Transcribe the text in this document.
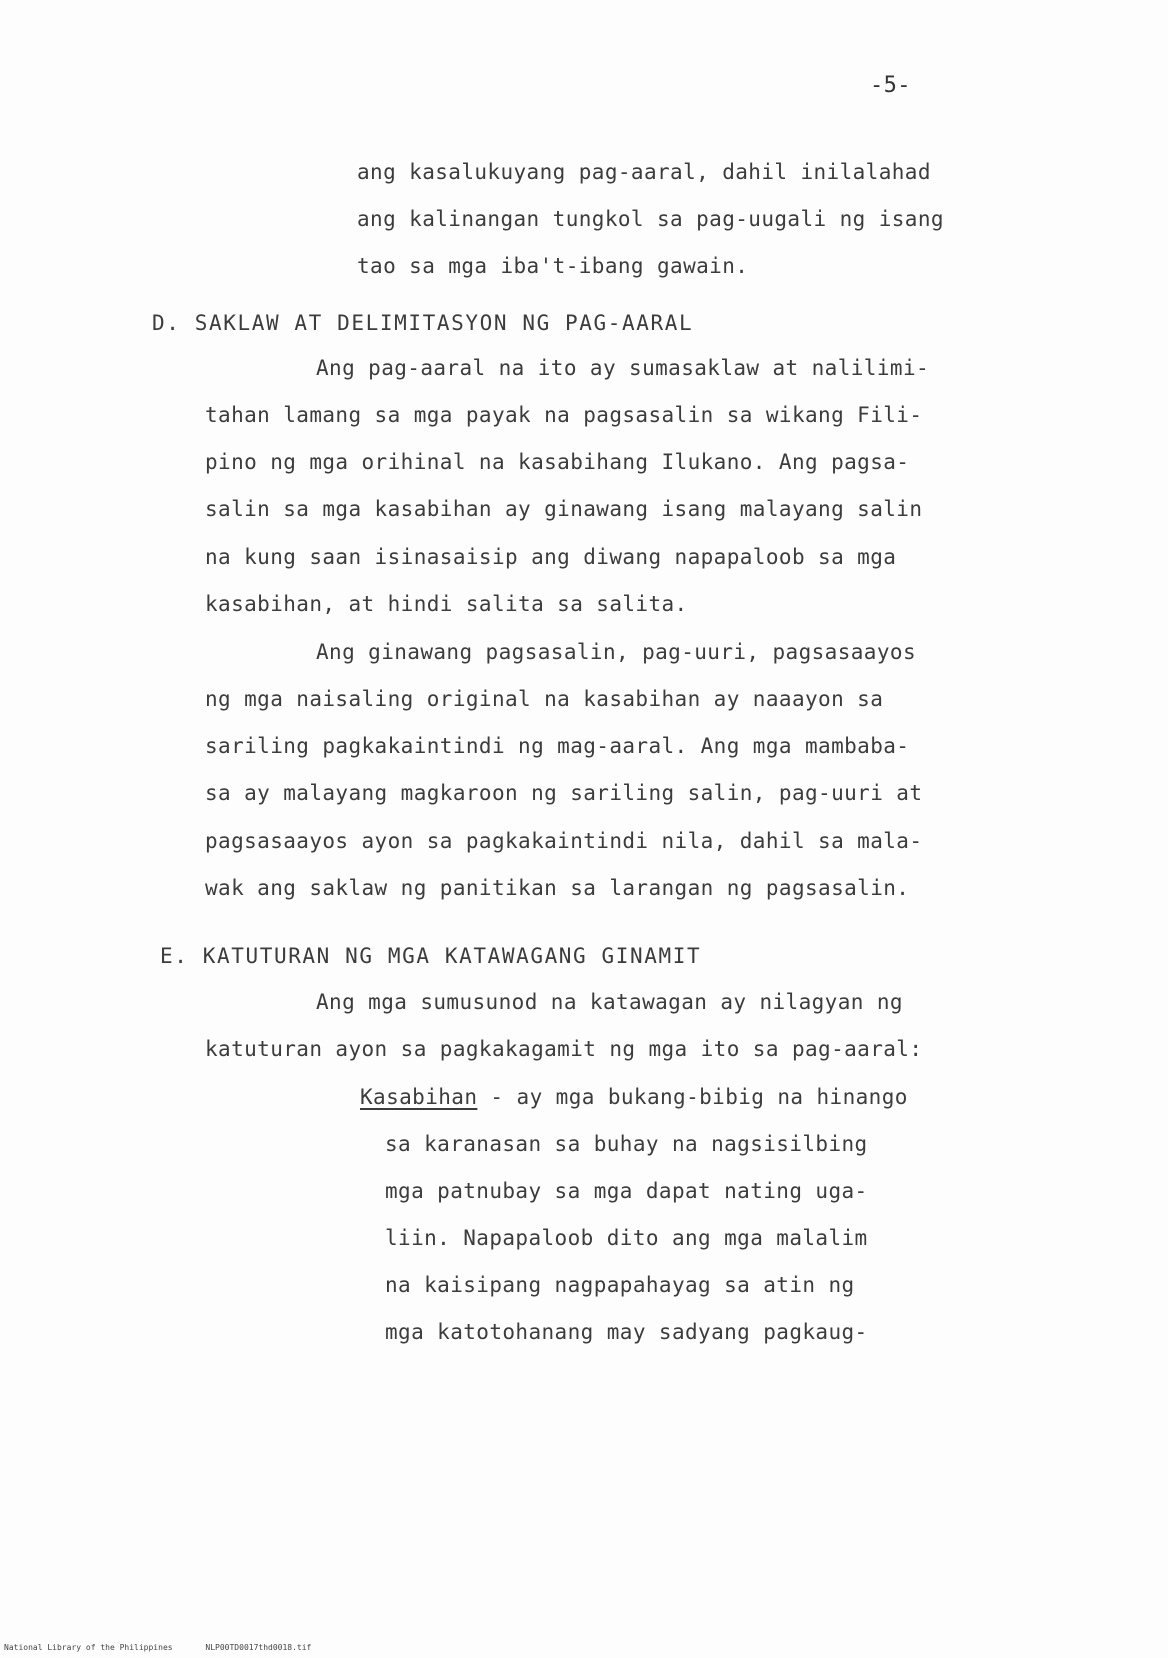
-5-
ang kasalukuyang pag-aaral, dahil inilalahad
ang kalinangan tungkol sa pag-uugali ng isang
tao sa mga iba't-ibang gawain.
D. SAKLAW AT DELIMITASYON NG PAG-AARAL
Ang pag-aaral na ito ay sumasaklaw at nalilimi-
tahan lamang sa mga payak na pagsasalin sa wikang Fili-
pino ng mga orihinal na kasabihang Ilukano. Ang pagsa-
salin sa mga kasabihan ay ginawang isang malayang salin
na kung saan isinasaisip ang diwang napapaloob sa mga
kasabihan, at hindi salita sa salita.
Ang ginawang pagsasalin, pag-uuri, pagsasaayos
ng mga naisaling original na kasabihan ay naaayon sa
sariling pagkakaintindi ng mag-aaral. Ang mga mambaba-
sa ay malayang magkaroon ng sariling salin, pag-uuri at
pagsasaayos ayon sa pagkakaintindi nila, dahil sa mala-
wak ang saklaw ng panitikan sa larangan ng pagsasalin.
E. KATUTURAN NG MGA KATAWAGANG GINAMIT
Ang mga sumusunod na katawagan ay nilagyan ng
katuturan ayon sa pagkakagamit ng mga ito sa pag-aaral:
Kasabihan - ay mga bukang-bibig na hinango
sa karanasan sa buhay na nagsisilbing
mga patnubay sa mga dapat nating uga-
liin. Napapaloob dito ang mga malalim
na kaisipang nagpapahayag sa atin ng
mga katotohanang may sadyang pagkaug-
National Library of the Philippines	NLP00TD0017thd0018.tif
